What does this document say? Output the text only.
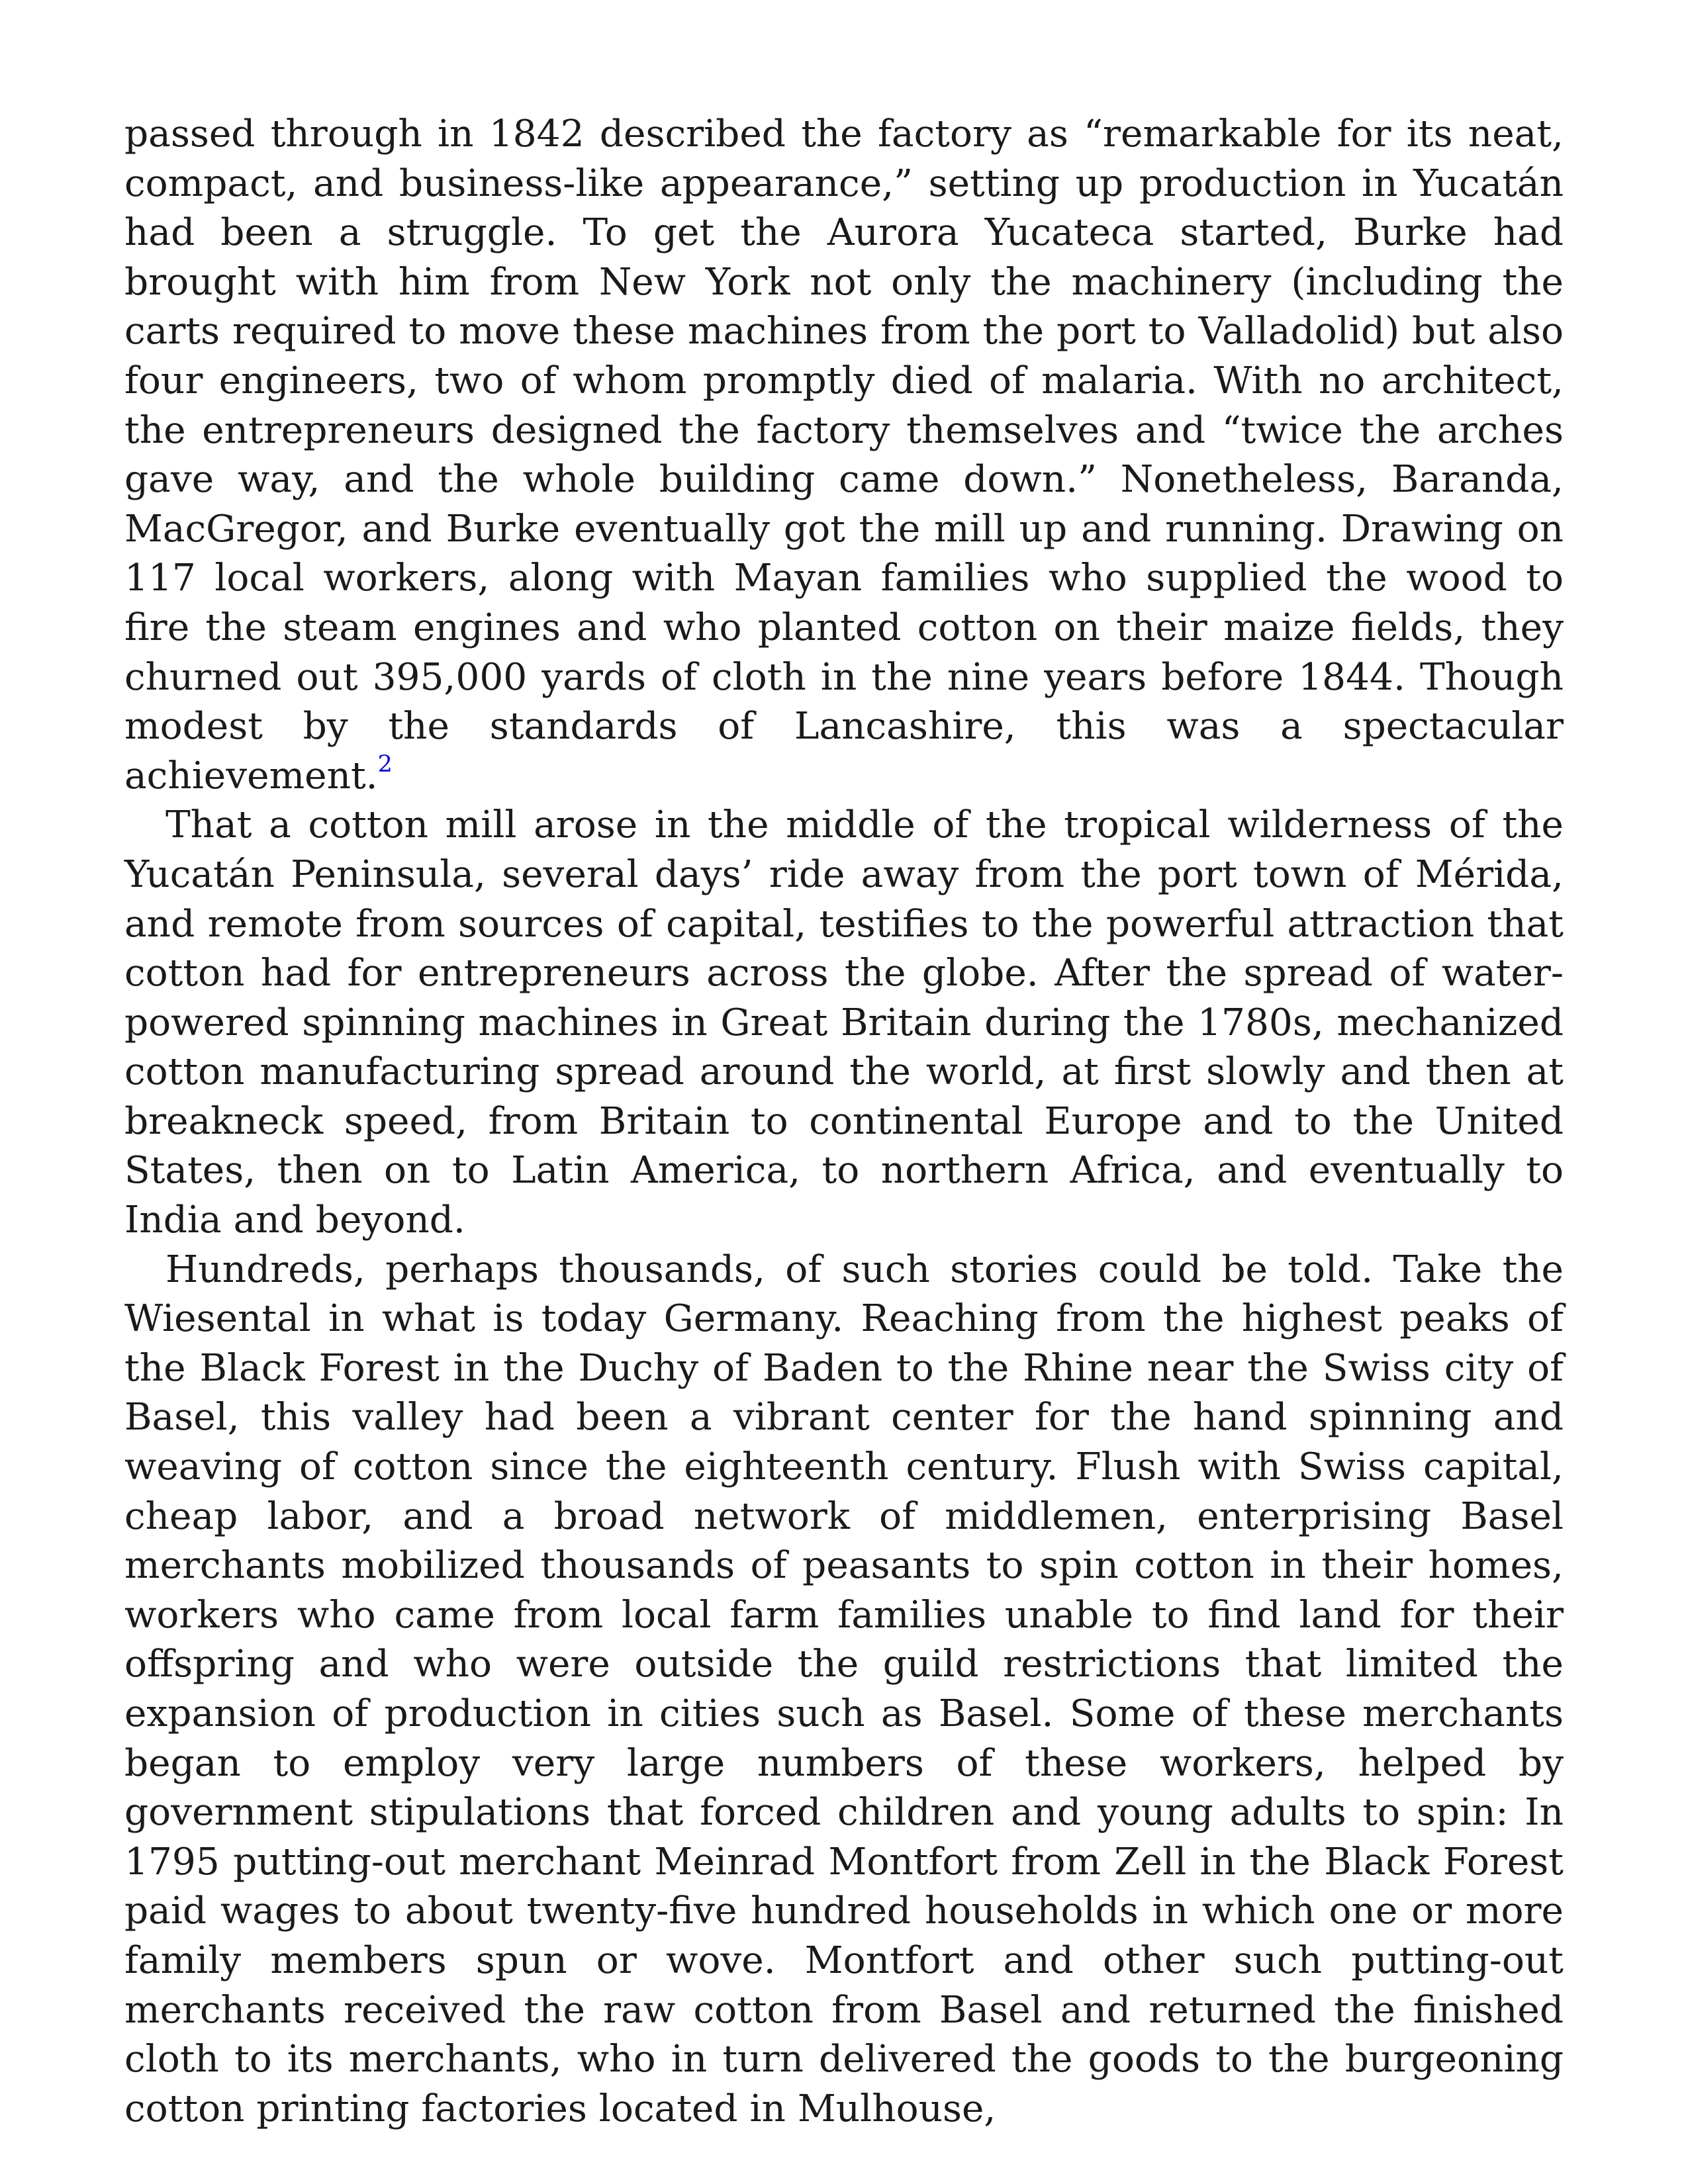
passed through in 1842 described the factory as “remarkable for its neat, compact, and business-like appearance,” setting up production in Yucatán had been a struggle. To get the Aurora Yucateca started, Burke had brought with him from New York not only the machinery (including the carts required to move these machines from the port to Valladolid) but also four engineers, two of whom promptly died of malaria. With no architect, the entrepreneurs designed the factory themselves and “twice the arches gave way, and the whole building came down.” Nonetheless, Baranda, MacGregor, and Burke eventually got the mill up and running. Drawing on 117 local workers, along with Mayan families who supplied the wood to fire the steam engines and who planted cotton on their maize fields, they churned out 395,000 yards of cloth in the nine years before 1844. Though modest by the standards of Lancashire, this was a spectacular achievement.$^2$

That a cotton mill arose in the middle of the tropical wilderness of the Yucatán Peninsula, several days’ ride away from the port town of Mérida, and remote from sources of capital, testifies to the powerful attraction that cotton had for entrepreneurs across the globe. After the spread of water-powered spinning machines in Great Britain during the 1780s, mechanized cotton manufacturing spread around the world, at first slowly and then at breakneck speed, from Britain to continental Europe and to the United States, then on to Latin America, to northern Africa, and eventually to India and beyond.

Hundreds, perhaps thousands, of such stories could be told. Take the Wiesental in what is today Germany. Reaching from the highest peaks of the Black Forest in the Duchy of Baden to the Rhine near the Swiss city of Basel, this valley had been a vibrant center for the hand spinning and weaving of cotton since the eighteenth century. Flush with Swiss capital, cheap labor, and a broad network of middlemen, enterprising Basel merchants mobilized thousands of peasants to spin cotton in their homes, workers who came from local farm families unable to find land for their offspring and who were outside the guild restrictions that limited the expansion of production in cities such as Basel. Some of these merchants began to employ very large numbers of these workers, helped by government stipulations that forced children and young adults to spin: In 1795 putting-out merchant Meinrad Montfort from Zell in the Black Forest paid wages to about twenty-five hundred households in which one or more family members spun or wove. Montfort and other such putting-out merchants received the raw cotton from Basel and returned the finished cloth to its merchants, who in turn delivered the goods to the burgeoning cotton printing factories located in Mulhouse,
